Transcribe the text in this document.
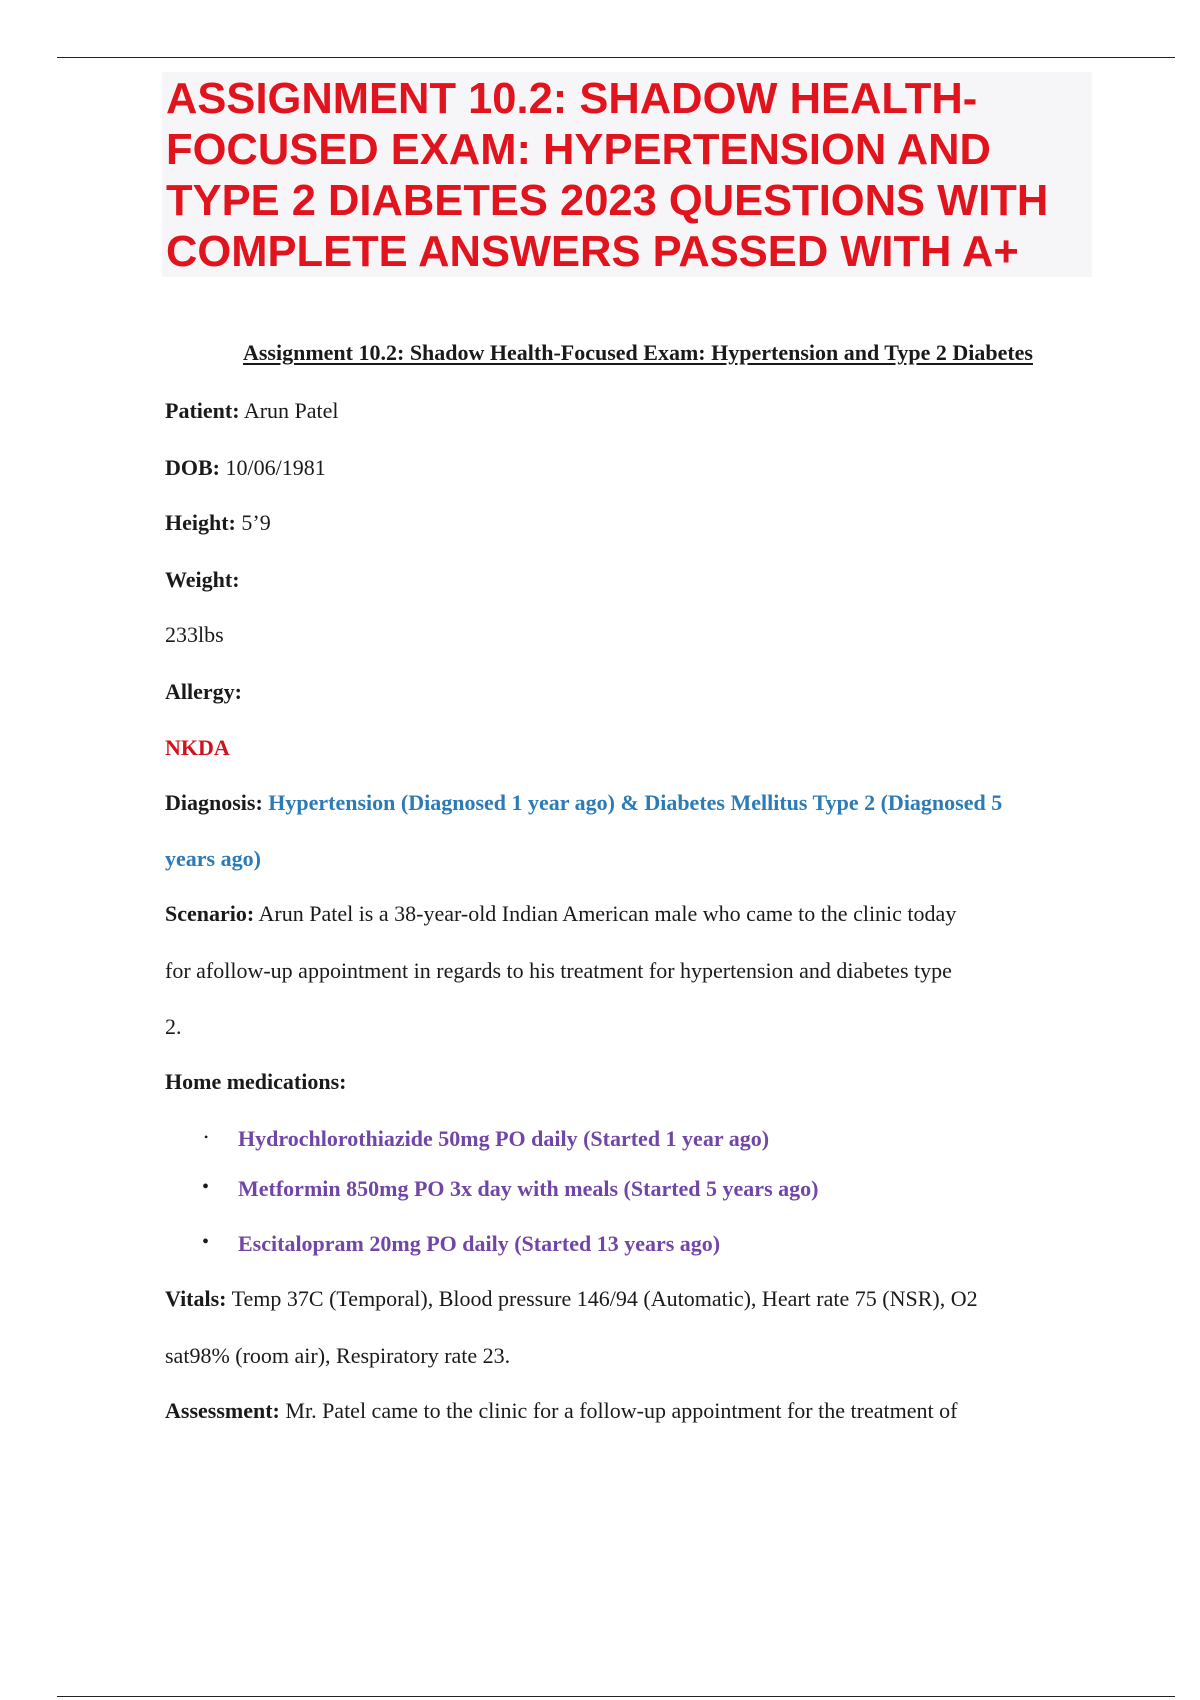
ASSIGNMENT 10.2: SHADOW HEALTH-
FOCUSED EXAM: HYPERTENSION AND
TYPE 2 DIABETES 2023 QUESTIONS WITH
COMPLETE ANSWERS PASSED WITH A+

Assignment 10.2: Shadow Health-Focused Exam: Hypertension and Type 2 Diabetes
Patient: Arun Patel
DOB: 10/06/1981
Height: 5’9
Weight:
233lbs
Allergy:
NKDA
Diagnosis: Hypertension (Diagnosed 1 year ago) & Diabetes Mellitus Type 2 (Diagnosed 5
years ago)
Scenario: Arun Patel is a 38-year-old Indian American male who came to the clinic today
for afollow-up appointment in regards to his treatment for hypertension and diabetes type
2.
Home medications:
• Hydrochlorothiazide 50mg PO daily (Started 1 year ago)
• Metformin 850mg PO 3x day with meals (Started 5 years ago)
• Escitalopram 20mg PO daily (Started 13 years ago)
Vitals: Temp 37C (Temporal), Blood pressure 146/94 (Automatic), Heart rate 75 (NSR), O2
sat98% (room air), Respiratory rate 23.
Assessment: Mr. Patel came to the clinic for a follow-up appointment for the treatment of
